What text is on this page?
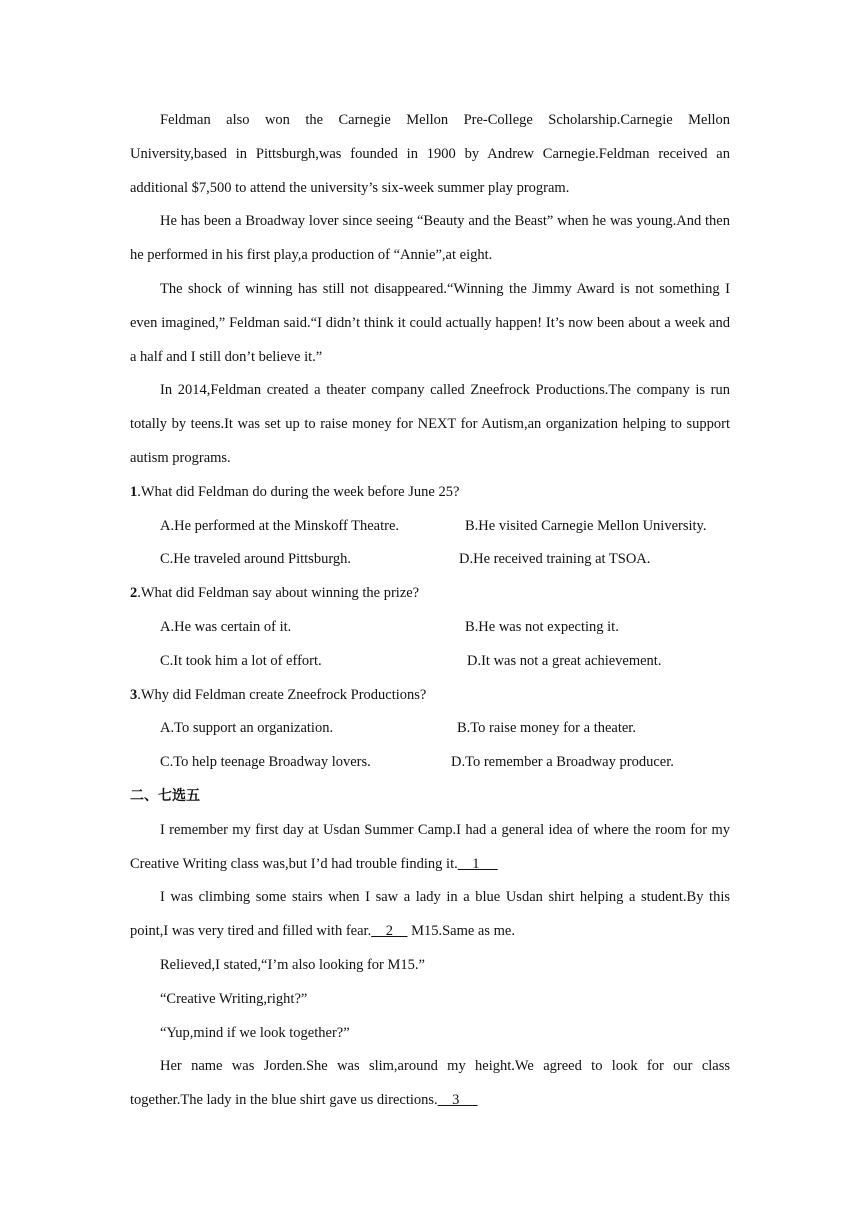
Feldman also won the Carnegie Mellon Pre-College Scholarship.Carnegie Mellon University,based in Pittsburgh,was founded in 1900 by Andrew Carnegie.Feldman received an additional $7,500 to attend the university’s six-week summer play program.

He has been a Broadway lover since seeing “Beauty and the Beast” when he was young.And then he performed in his first play,a production of “Annie”,at eight.

The shock of winning has still not disappeared.“Winning the Jimmy Award is not something I even imagined,” Feldman said.“I didn’t think it could actually happen! It’s now been about a week and a half and I still don’t believe it.”

In 2014,Feldman created a theater company called Zneefrock Productions.The company is run totally by teens.It was set up to raise money for NEXT for Autism,an organization helping to support autism programs.

1.What did Feldman do during the week before June 25?

A.He performed at the Minskoff Theatre.	B.He visited Carnegie Mellon University.
C.He traveled around Pittsburgh.	D.He received training at TSOA.

2.What did Feldman say about winning the prize?

A.He was certain of it.	B.He was not expecting it.
C.It took him a lot of effort.	D.It was not a great achievement.

3.Why did Feldman create Zneefrock Productions?

A.To support an organization.	B.To raise money for a theater.
C.To help teenage Broadway lovers.	D.To remember a Broadway producer.

二、七选五

I remember my first day at Usdan Summer Camp.I had a general idea of where the room for my Creative Writing class was,but I’d had trouble finding it.    1

I was climbing some stairs when I saw a lady in a blue Usdan shirt helping a student.By this point,I was very tired and filled with fear.    2     M15.Same as me.

Relieved,I stated,“I’m also looking for M15.”

“Creative Writing,right?”

“Yup,mind if we look together?”

Her name was Jorden.She was slim,around my height.We agreed to look for our class together.The lady in the blue shirt gave us directions.    3
